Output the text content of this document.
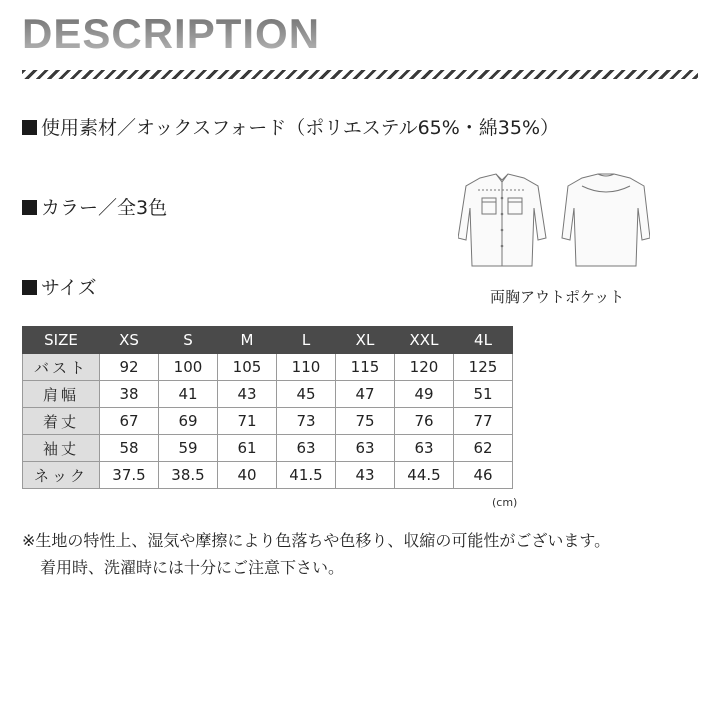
DESCRIPTION
使用素材／オックスフォード（ポリエステル65%・綿35%）
カラー／全3色
サイズ	両胸アウトポケット
SIZE	XS	S	M	L	XL	XXL	4L
バスト	92	100	105	110	115	120	125
肩幅	38	41	43	45	47	49	51
着丈	67	69	71	73	75	76	77
袖丈	58	59	61	63	63	63	62
ネック	37.5	38.5	40	41.5	43	44.5	46
(cm)
※生地の特性上、湿気や摩擦により色落ちや色移り、収縮の可能性がございます。
着用時、洗濯時には十分にご注意下さい。
